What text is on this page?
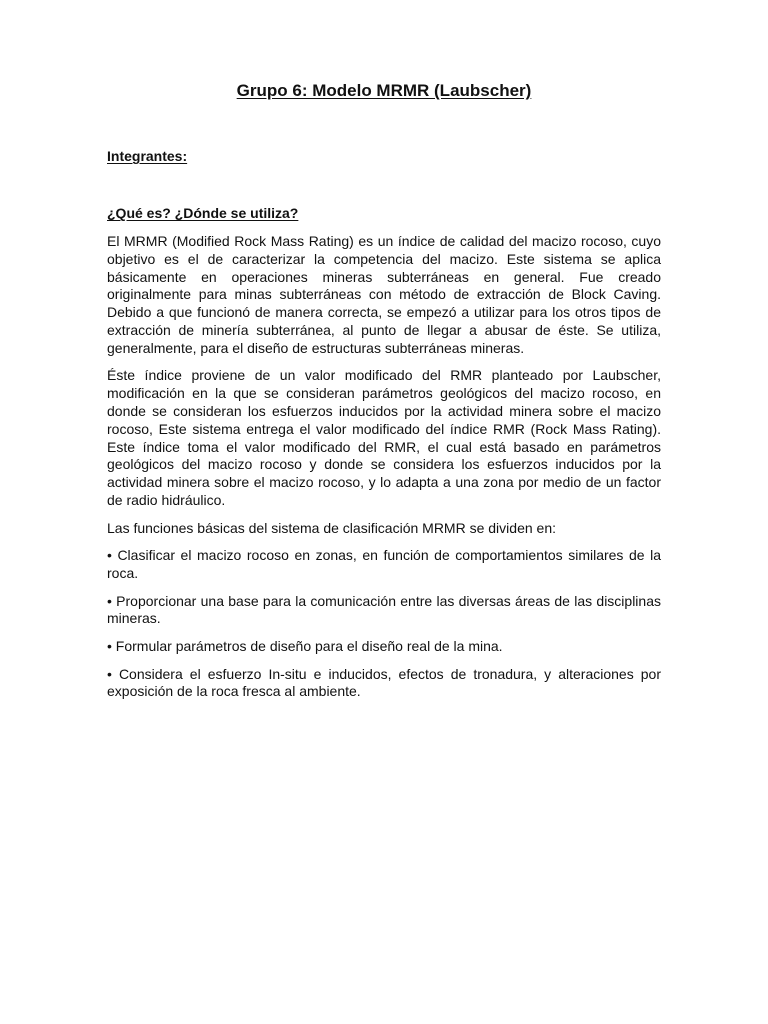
Grupo 6: Modelo MRMR (Laubscher)
Integrantes:
¿Qué es? ¿Dónde se utiliza?

El MRMR (Modified Rock Mass Rating) es un índice de calidad del macizo rocoso, cuyo objetivo es el de caracterizar la competencia del macizo. Este sistema se aplica básicamente en operaciones mineras subterráneas en general. Fue creado originalmente para minas subterráneas con método de extracción de Block Caving. Debido a que funcionó de manera correcta, se empezó a utilizar para los otros tipos de extracción de minería subterránea, al punto de llegar a abusar de éste. Se utiliza, generalmente, para el diseño de estructuras subterráneas mineras.

Éste índice proviene de un valor modificado del RMR planteado por Laubscher, modificación en la que se consideran parámetros geológicos del macizo rocoso, en donde se consideran los esfuerzos inducidos por la actividad minera sobre el macizo rocoso, Este sistema entrega el valor modificado del índice RMR (Rock Mass Rating). Este índice toma el valor modificado del RMR, el cual está basado en parámetros geológicos del macizo rocoso y donde se considera los esfuerzos inducidos por la actividad minera sobre el macizo rocoso, y lo adapta a una zona por medio de un factor de radio hidráulico.

Las funciones básicas del sistema de clasificación MRMR se dividen en:

• Clasificar el macizo rocoso en zonas, en función de comportamientos similares de la roca.

• Proporcionar una base para la comunicación entre las diversas áreas de las disciplinas mineras.

• Formular parámetros de diseño para el diseño real de la mina.

• Considera el esfuerzo In-situ e inducidos, efectos de tronadura, y alteraciones por exposición de la roca fresca al ambiente.
